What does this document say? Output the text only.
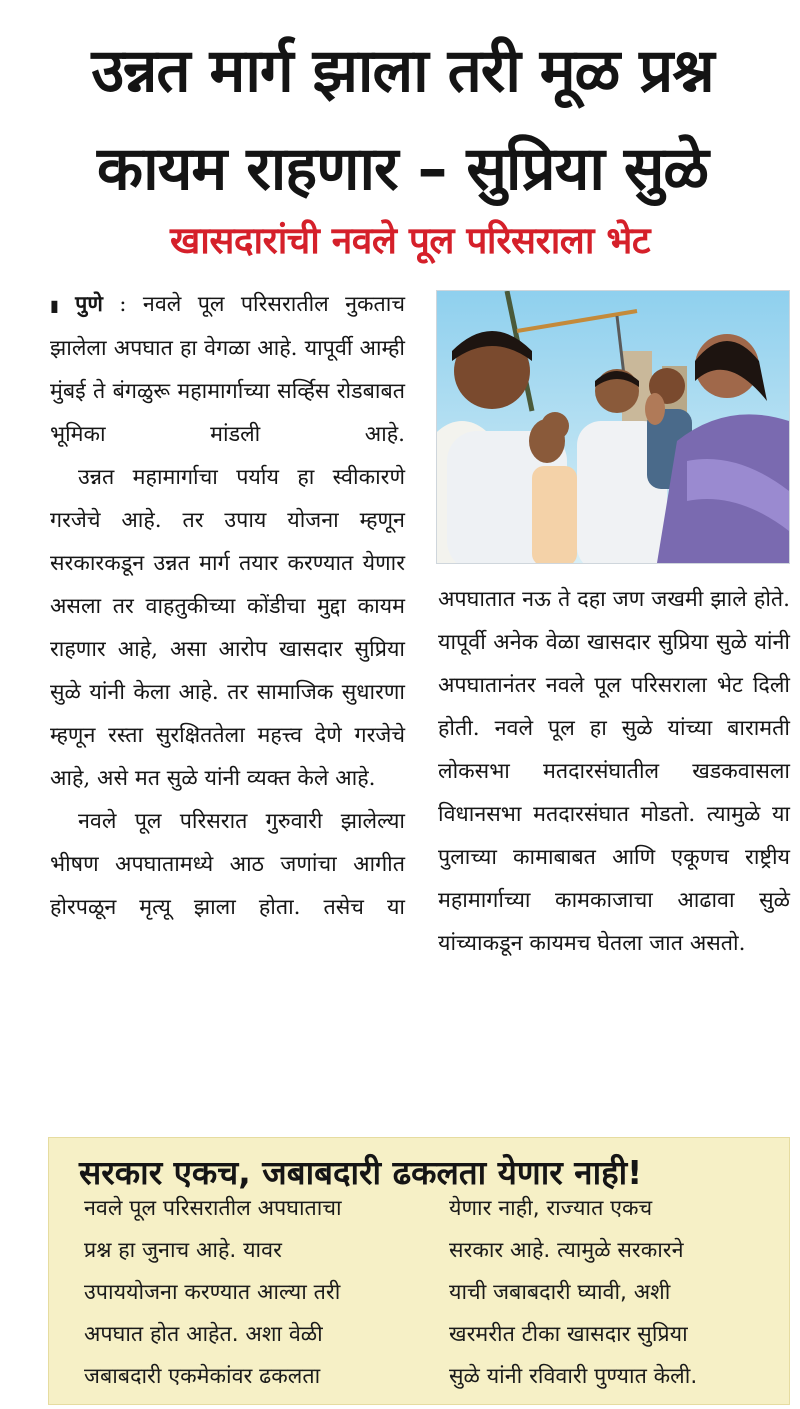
उन्नत मार्ग झाला तरी मूळ प्रश्न कायम राहणार – सुप्रिया सुळे
खासदारांची नवले पूल परिसराला भेट

▮ पुणे : नवले पूल परिसरातील नुकताच झालेला अपघात हा वेगळा आहे. यापूर्वी आम्ही मुंबई ते बंगळुरू महामार्गाच्या सर्व्हिस रोडबाबत भूमिका मांडली आहे.

उन्नत महामार्गाचा पर्याय हा स्वीकारणे गरजेचे आहे. तर उपाय योजना म्हणून सरकारकडून उन्नत मार्ग तयार करण्यात येणार असला तर वाहतुकीच्या कोंडीचा मुद्दा कायम राहणार आहे, असा आरोप खासदार सुप्रिया सुळे यांनी केला आहे. तर सामाजिक सुधारणा म्हणून रस्ता सुरक्षिततेला महत्त्व देणे गरजेचे आहे, असे मत सुळे यांनी व्यक्त केले आहे.

नवले पूल परिसरात गुरुवारी झालेल्या भीषण अपघातामध्ये आठ जणांचा आगीत होरपळून मृत्यू झाला होता. तसेच या

अपघातात नऊ ते दहा जण जखमी झाले होते. यापूर्वी अनेक वेळा खासदार सुप्रिया सुळे यांनी अपघातानंतर नवले पूल परिसराला भेट दिली होती. नवले पूल हा सुळे यांच्या बारामती लोकसभा मतदारसंघातील खडकवासला विधानसभा मतदारसंघात मोडतो. त्यामुळे या पुलाच्या कामाबाबत आणि एकूणच राष्ट्रीय महामार्गाच्या कामकाजाचा आढावा सुळे यांच्याकडून कायमच घेतला जात असतो.

सरकार एकच, जबाबदारी ढकलता येणार नाही!
नवले पूल परिसरातील अपघाताचा
प्रश्न हा जुनाच आहे. यावर
उपाययोजना करण्यात आल्या तरी
अपघात होत आहेत. अशा वेळी
जबाबदारी एकमेकांवर ढकलता
येणार नाही, राज्यात एकच
सरकार आहे. त्यामुळे सरकारने
याची जबाबदारी घ्यावी, अशी
खरमरीत टीका खासदार सुप्रिया
सुळे यांनी रविवारी पुण्यात केली.
